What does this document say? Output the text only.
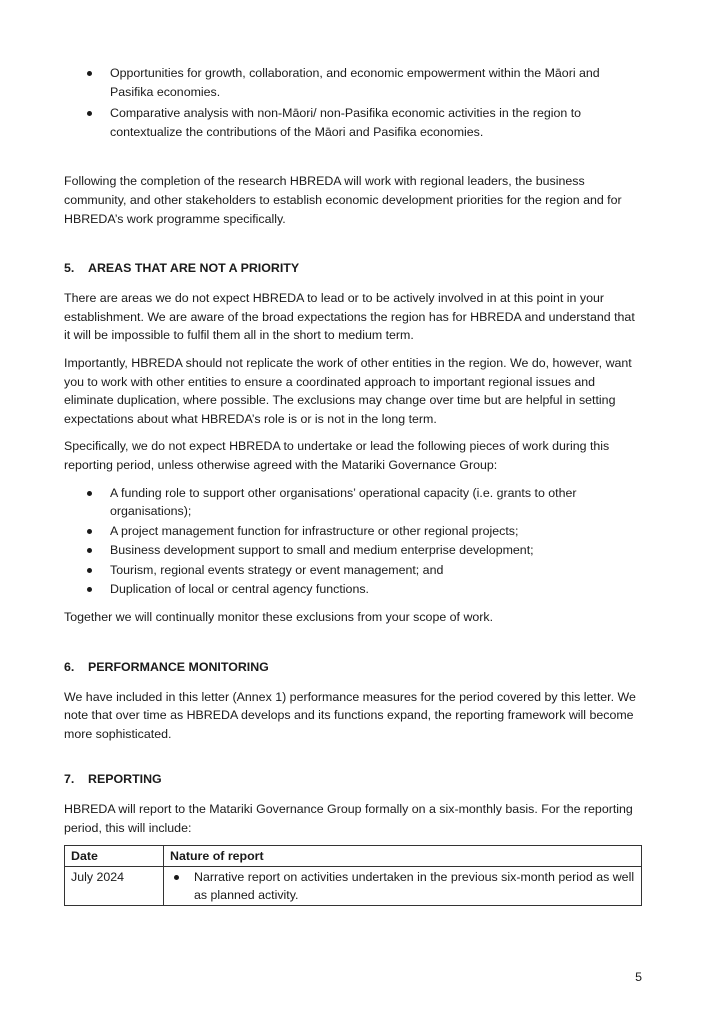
Opportunities for growth, collaboration, and economic empowerment within the Māori and Pasifika economies.
Comparative analysis with non-Māori/ non-Pasifika economic activities in the region to contextualize the contributions of the Māori and Pasifika economies.

Following the completion of the research HBREDA will work with regional leaders, the business community, and other stakeholders to establish economic development priorities for the region and for HBREDA’s work programme specifically.

5. AREAS THAT ARE NOT A PRIORITY

There are areas we do not expect HBREDA to lead or to be actively involved in at this point in your establishment. We are aware of the broad expectations the region has for HBREDA and understand that it will be impossible to fulfil them all in the short to medium term.

Importantly, HBREDA should not replicate the work of other entities in the region. We do, however, want you to work with other entities to ensure a coordinated approach to important regional issues and eliminate duplication, where possible. The exclusions may change over time but are helpful in setting expectations about what HBREDA’s role is or is not in the long term.

Specifically, we do not expect HBREDA to undertake or lead the following pieces of work during this reporting period, unless otherwise agreed with the Matariki Governance Group:

A funding role to support other organisations’ operational capacity (i.e. grants to other organisations);
A project management function for infrastructure or other regional projects;
Business development support to small and medium enterprise development;
Tourism, regional events strategy or event management; and
Duplication of local or central agency functions.

Together we will continually monitor these exclusions from your scope of work.

6. PERFORMANCE MONITORING

We have included in this letter (Annex 1) performance measures for the period covered by this letter. We note that over time as HBREDA develops and its functions expand, the reporting framework will become more sophisticated.

7. REPORTING

HBREDA will report to the Matariki Governance Group formally on a six-monthly basis. For the reporting period, this will include:

Date	Nature of report
July 2024	Narrative report on activities undertaken in the previous six-month period as well as planned activity.
5
